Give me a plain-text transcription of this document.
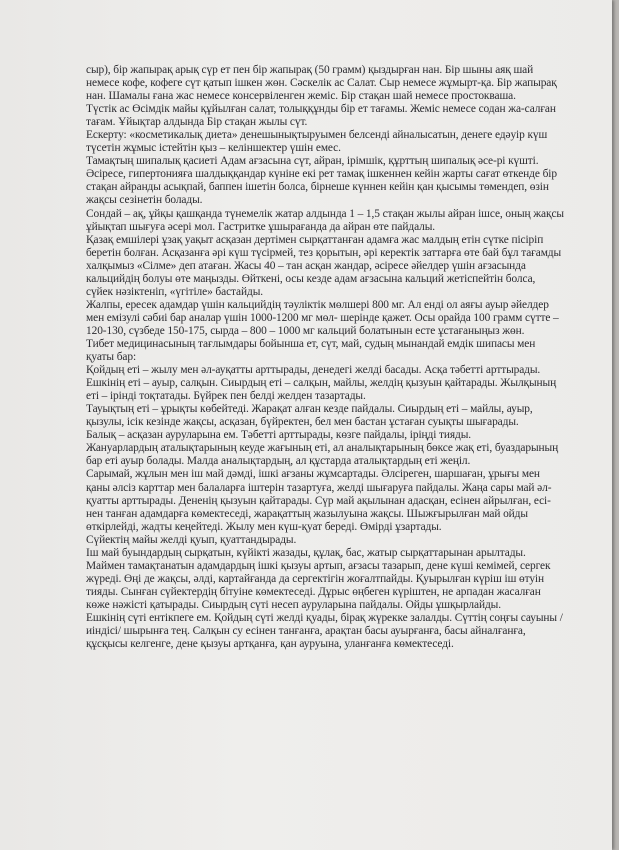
сыр), бір жапырақ арық сүр ет пен бір жапырақ (50 грамм) қыздырған нан. Бір шыны аяқ шай немесе кофе, кофеге сүт қатып ішкен жөн. Сәскелік ас Салат. Сыр немесе жұмырт-қа. Бір жапырақ нан. Шамалы ғана жас немесе консервіленген жеміс. Бір стақан шай немесе простокваша.

Түстік ас Өсімдік майы құйылған салат, толыққұнды бір ет тағамы. Жеміс немесе содан жа-салған тағам. Ұйықтар алдында Бір стақан жылы сүт.

Ескерту: «косметикалық диета» денешынықтыруымен белсенді айналысатын, денеге едәуір күш түсетін жұмыс істейтін қыз – келіншектер үшін емес.

Тамақтың шипалық қасиеті Адам ағзасына сүт, айран, ірімшік, құрттың шипалық әсе-рі күшті. Әсіресе, гипертонияға шалдыққандар күніне екі рет тамақ ішкеннен кейін жарты сағат өткенде бір стақан айранды асықпай, баппен ішетін болса, бірнеше күннен кейін қан қысымы төмендеп, өзін жақсы сезінетін болады.

Сондай – ақ, ұйқы қашқанда түнемелік жатар алдында 1 – 1,5 стақан жылы айран ішсе, оның жақсы ұйықтап шығуға әсері мол. Гастритке ұшырағанда да айран өте пайдалы.

Қазақ емшілері ұзақ уақыт асқазан дертімен сырқаттанған адамға жас малдың етін сүтке пісіріп беретін болған. Асқазанға әрі күш түсірмей, тез қорытын, әрі керектік заттарға өте бай бұл тағамды халқымыз «Сілме» деп атаған. Жасы 40 – тан асқан жандар, әсіресе әйелдер үшін ағзасында кальцийдің болуы өте маңызды. Өйткені, осы кезде адам ағзасына кальций жетіспейтін болса, сүйек нәзіктеніп, «үгітіле» бастайды.

Жалпы, ересек адамдар үшін кальцийдің тәуліктік мөлшері 800 мг. Ал енді ол аяғы ауыр әйелдер мен емізулі сәбиі бар аналар үшін 1000-1200 мг мөл- шерінде қажет. Осы орайда 100 грамм сүтте – 120-130, сүзбеде 150-175, сырда – 800 – 1000 мг кальций болатынын есте ұстағаныңыз жөн.

Тибет медицинасының тағлымдары бойынша ет, сүт, май, судың мынандай емдік шипасы мен қуаты бар:

Қойдың еті – жылу мен әл-ауқатты арттырады, денедегі желді басады. Асқа тәбетті арттырады. Ешкінің еті – ауыр, салқын. Сиырдың еті – салқын, майлы, желдің қызуын қайтарады. Жылқының еті – ірінді тоқтатады. Бүйрек пен белді желден тазартады.

Тауықтың еті – ұрықты көбейтеді. Жарақат алған кезде пайдалы. Сиырдың еті – майлы, ауыр, қызулы, ісік кезінде жақсы, асқазан, бүйректен, бел мен бастан ұстаған суықты шығарады.

Балық – асқазан ауруларына ем. Тәбетті арттырады, көзге пайдалы, іріңді тияды.

Жануарлардың аталықтарының кеуде жағының еті, ал аналықтарының бөксе жақ еті, буаздарының бар еті ауыр болады. Малда аналықтардың, ал құстарда аталықтардың еті жеңіл.

Сарымай, жұлын мен іш май дәмді, ішкі ағзаны жұмсартады. Әлсіреген, шаршаған, ұрығы мен қаны әлсіз карттар мен балаларға іштерін тазартуға, желді шығаруға пайдалы. Жаңа сары май әл-қуатты арттырады. Дененің қызуын қайтарады. Сүр май ақылынан адасқан, есінен айрылған, есі- нен танған адамдарға көмектеседі, жарақаттың жазылуына жақсы. Шыжғырылған май ойды өткірлейді, жадты кеңейтеді. Жылу мен күш-қуат береді. Өмірді ұзартады.

Сүйектің майы желді қуып, қуаттандырады.

Іш май буындардың сырқатын, күйікті жазады, құлақ, бас, жатыр сырқаттарынан арылтады.

Маймен тамақтанатын адамдардың ішкі қызуы артып, ағзасы тазарып, дене күші кемімей, сергек жүреді. Өңі де жақсы, әлді, картайғанда да сергектігін жоғалтпайды. Қуырылған күріш іш өтуін тияды. Сынған сүйектердің бітуіне көмектеседі. Дұрыс өңбеген күріштен, не арпадан жасалған көже нәжісті қатырады. Сиырдың сүті несеп ауруларына пайдалы. Ойды ұшқырлайды.

Ешкінің сүті ентікпеге ем. Қойдың сүті желді қуады, бірақ жүрекке залалды. Сүттің соңғы сауыны /иіндісі/ шырынға тең. Салқын су есінен танғанға, арақтан басы ауырғанға, басы айналғанға, құсқысы келгенге, дене қызуы артқанға, қан ауруына, уланғанға көмектеседі.
